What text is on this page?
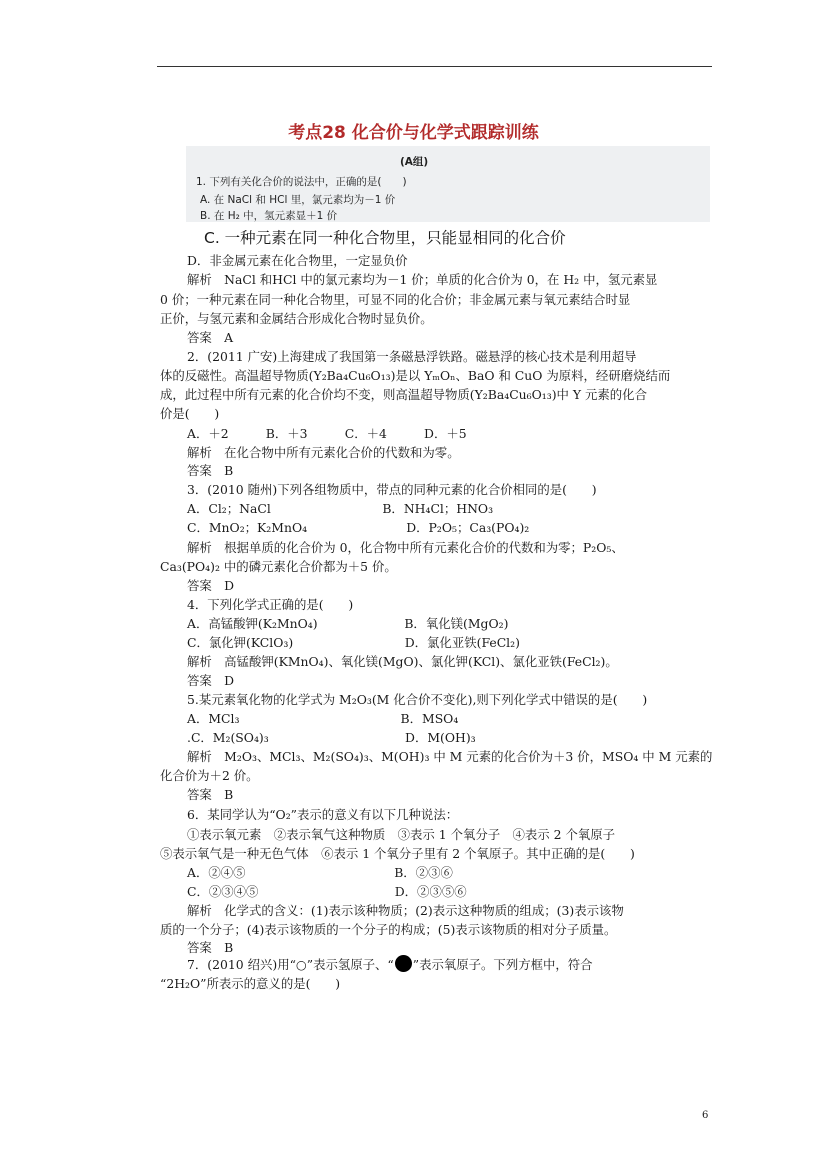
考点28 化合价与化学式跟踪训练
(A组)
1. 下列有关化合价的说法中，正确的是(　　)
A. 在 NaCl 和 HCl 里，氯元素均为－1 价
B. 在 H₂ 中，氢元素显＋1 价
C. 一种元素在同一种化合物里，只能显相同的化合价
D．非金属元素在化合物里，一定显负价
解析　NaCl 和HCl 中的氯元素均为－1 价；单质的化合价为 0，在 H₂ 中，氢元素显
0 价；一种元素在同一种化合物里，可显不同的化合价；非金属元素与氧元素结合时显
正价，与氢元素和金属结合形成化合物时显负价。
答案　A
2．(2011 广安)上海建成了我国第一条磁悬浮铁路。磁悬浮的核心技术是利用超导
体的反磁性。高温超导物质(Y₂Ba₄Cu₆O₁₃)是以 YₘOₙ、BaO 和 CuO 为原料，经研磨烧结而
成，此过程中所有元素的化合价均不变，则高温超导物质(Y₂Ba₄Cu₆O₁₃)中 Y 元素的化合
价是(　　)
A．＋2　　　B．＋3　　　C．＋4　　　D．＋5
解析　在化合物中所有元素化合价的代数和为零。
答案　B
3．(2010 随州)下列各组物质中，带点的同种元素的化合价相同的是(　　)
A．Cl₂；NaCl　　　　　　　　　B．NH₄Cl；HNO₃
C．MnO₂；K₂MnO₄　　　　　　　　D．P₂O₅；Ca₃(PO₄)₂
解析　根据单质的化合价为 0，化合物中所有元素化合价的代数和为零；P₂O₅、
Ca₃(PO₄)₂ 中的磷元素化合价都为＋5 价。
答案　D
4．下列化学式正确的是(　　)
A．高锰酸钾(K₂MnO₄)　　　　　　　B．氧化镁(MgO₂)
C．氯化钾(KClO₃)　　　　　　　　　D．氯化亚铁(FeCl₂)
解析　高锰酸钾(KMnO₄)、氧化镁(MgO)、氯化钾(KCl)、氯化亚铁(FeCl₂)。
答案　D
5.某元素氧化物的化学式为 M₂O₃(M 化合价不变化),则下列化学式中错误的是(　　)
A．MCl₃　　　　　　　　　　　　　B．MSO₄
.C．M₂(SO₄)₃　　　　　　　　　　　D．M(OH)₃
解析　M₂O₃、MCl₃、M₂(SO₄)₃、M(OH)₃ 中 M 元素的化合价为＋3 价，MSO₄ 中 M 元素的
化合价为＋2 价。
答案　B
6．某同学认为“O₂”表示的意义有以下几种说法：
①表示氧元素　②表示氧气这种物质　③表示 1 个氧分子　④表示 2 个氧原子
⑤表示氧气是一种无色气体　⑥表示 1 个氧分子里有 2 个氧原子。其中正确的是(　　)
A．②④⑤　　　　　　　　　　　　B．②③⑥
C．②③④⑤　　　　　　　　　　　D．②③⑤⑥
解析　化学式的含义：(1)表示该种物质；(2)表示这种物质的组成；(3)表示该物
质的一个分子；(4)表示该物质的一个分子的构成；(5)表示该物质的相对分子质量。
答案　B
7．(2010 绍兴)用“○”表示氢原子、“ ”表示氧原子。下列方框中，符合
“2H₂O”所表示的意义的是(　　)
6
